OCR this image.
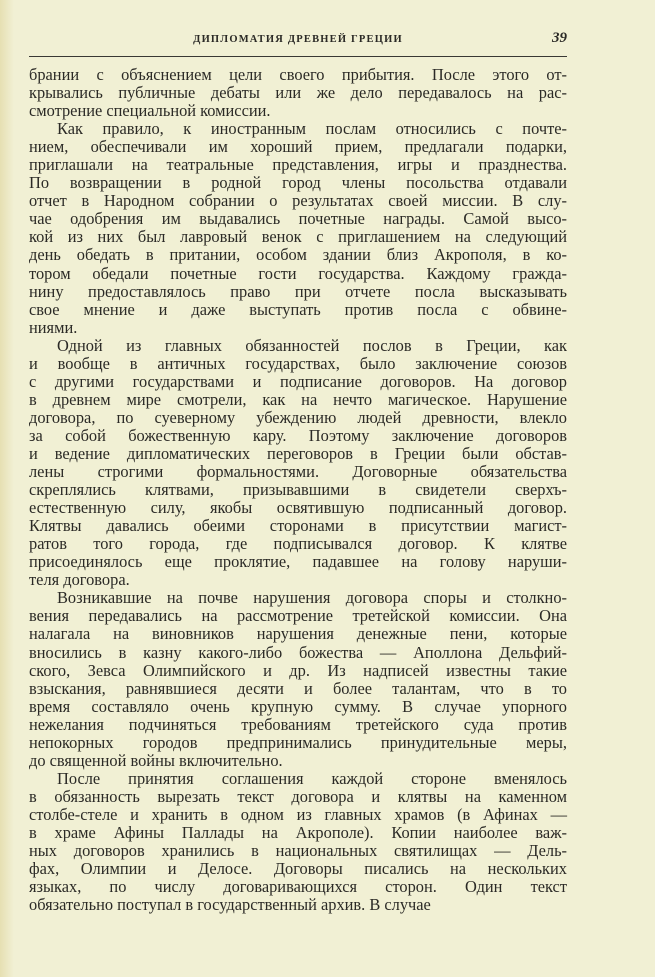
ДИПЛОМАТИЯ ДРЕВНЕЙ ГРЕЦИИ	39
брании с объяснением цели своего прибытия. После этого от-
крывались публичные дебаты или же дело передавалось на рас-
смотрение специальной комиссии.
Как правило, к иностранным послам относились с почте-
нием, обеспечивали им хороший прием, предлагали подарки,
приглашали на театральные представления, игры и празднества.
По возвращении в родной город члены посольства отдавали
отчет в Народном собрании о результатах своей миссии. В слу-
чае одобрения им выдавались почетные награды. Самой высо-
кой из них был лавровый венок с приглашением на следующий
день обедать в притании, особом здании близ Акрополя, в ко-
тором обедали почетные гости государства. Каждому гражда-
нину предоставлялось право при отчете посла высказывать
свое мнение и даже выступать против посла с обвине-
ниями.
Одной из главных обязанностей послов в Греции, как
и вообще в античных государствах, было заключение союзов
с другими государствами и подписание договоров. На договор
в древнем мире смотрели, как на нечто магическое. Нарушение
договора, по суеверному убеждению людей древности, влекло
за собой божественную кару. Поэтому заключение договоров
и ведение дипломатических переговоров в Греции были обстав-
лены строгими формальностями. Договорные обязательства
скреплялись клятвами, призывавшими в свидетели сверхъ-
естественную силу, якобы освятившую подписанный договор.
Клятвы давались обеими сторонами в присутствии магист-
ратов того города, где подписывался договор. К клятве
присоединялось еще проклятие, падавшее на голову наруши-
теля договора.
Возникавшие на почве нарушения договора споры и столкно-
вения передавались на рассмотрение третейской комиссии. Она
налагала на виновников нарушения денежные пени, которые
вносились в казну какого-либо божества — Аполлона Дельфий-
ского, Зевса Олимпийского и др. Из надписей известны такие
взыскания, равнявшиеся десяти и более талантам, что в то
время составляло очень крупную сумму. В случае упорного
нежелания подчиняться требованиям третейского суда против
непокорных городов предпринимались принудительные меры,
до священной войны включительно.
После принятия соглашения каждой стороне вменялось
в обязанность вырезать текст договора и клятвы на каменном
столбе-стеле и хранить в одном из главных храмов (в Афинах —
в храме Афины Паллады на Акрополе). Копии наиболее важ-
ных договоров хранились в национальных святилищах — Дель-
фах, Олимпии и Делосе. Договоры писались на нескольких
языках, по числу договаривающихся сторон. Один текст
обязательно поступал в государственный архив. В случае
